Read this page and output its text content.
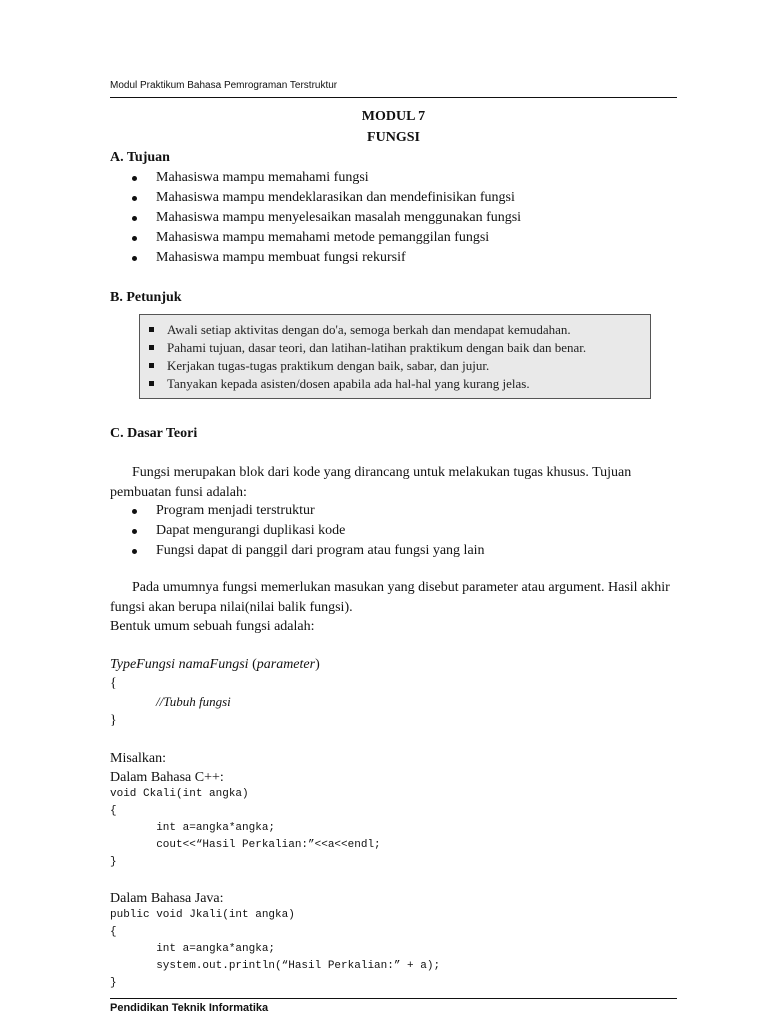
Modul Praktikum Bahasa Pemrograman Terstruktur
MODUL 7
FUNGSI
A. Tujuan
Mahasiswa mampu memahami fungsi
Mahasiswa mampu mendeklarasikan dan mendefinisikan fungsi
Mahasiswa mampu menyelesaikan masalah menggunakan fungsi
Mahasiswa mampu memahami metode pemanggilan fungsi
Mahasiswa mampu membuat fungsi rekursif
B. Petunjuk
Awali setiap aktivitas dengan do'a, semoga berkah dan mendapat kemudahan.
Pahami tujuan, dasar teori, dan latihan-latihan praktikum dengan baik dan benar.
Kerjakan tugas-tugas praktikum dengan baik, sabar, dan jujur.
Tanyakan kepada asisten/dosen apabila ada hal-hal yang kurang jelas.
C. Dasar Teori
Fungsi merupakan blok dari kode yang dirancang untuk melakukan tugas khusus. Tujuan pembuatan funsi adalah:
Program menjadi terstruktur
Dapat mengurangi duplikasi kode
Fungsi dapat di panggil dari program atau fungsi yang lain
Pada umumnya fungsi memerlukan masukan yang disebut parameter atau argument. Hasil akhir fungsi akan berupa nilai(nilai balik fungsi).
Bentuk umum sebuah fungsi adalah:
TypeFungsi namaFungsi (parameter)
{
//Tubuh fungsi
}
Misalkan:
Dalam Bahasa C++:
void Ckali(int angka)
{
int a=angka*angka;
cout<<“Hasil Perkalian:”<<a<<endl;
}
Dalam Bahasa Java:
public void Jkali(int angka)
{
int a=angka*angka;
system.out.println(“Hasil Perkalian:” + a);
}
Pendidikan Teknik Informatika
